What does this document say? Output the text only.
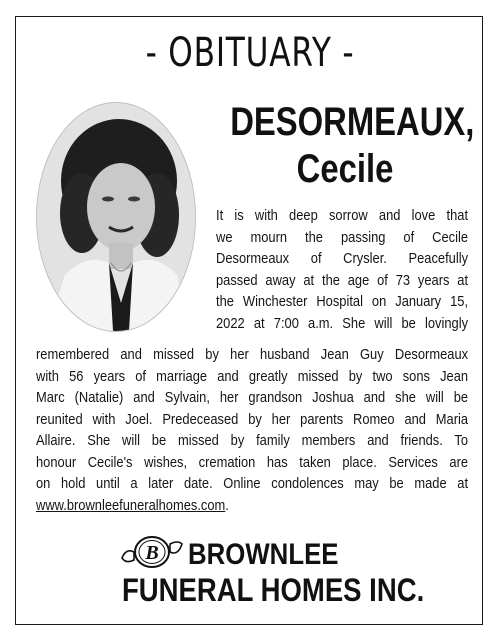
- OBITUARY -
DESORMEAUX,
Cecile
It is with deep sorrow and love that
we mourn the passing of Cecile
Desormeaux of Crysler. Peacefully
passed away at the age of 73 years at
the Winchester Hospital on January 15,
2022 at 7:00 a.m. She will be lovingly
remembered and missed by her husband Jean Guy Desormeaux
with 56 years of marriage and greatly missed by two sons Jean
Marc (Natalie) and Sylvain, her grandson Joshua and she will be
reunited with Joel. Predeceased by her parents Romeo and Maria
Allaire. She will be missed by family members and friends. To
honour Cecile's wishes, cremation has taken place. Services are
on hold until a later date. Online condolences may be made at
www.brownleefuneralhomes.com.
B BROWNLEE
FUNERAL HOMES INC.
